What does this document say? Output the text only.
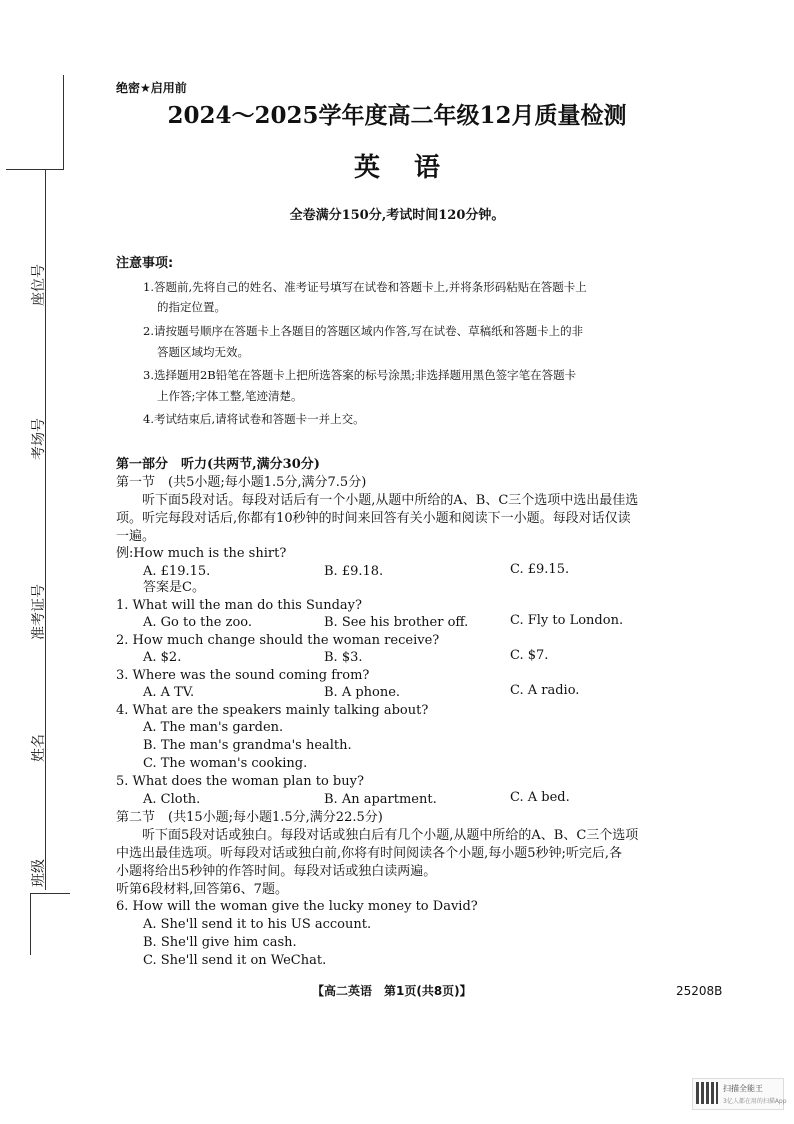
座位号
考场号
准考证号
姓名
班级
绝密★启用前
2024～2025学年度高二年级12月质量检测
英语
全卷满分150分,考试时间120分钟。
注意事项:
1.答题前,先将自己的姓名、准考证号填写在试卷和答题卡上,并将条形码粘贴在答题卡上
的指定位置。
2.请按题号顺序在答题卡上各题目的答题区域内作答,写在试卷、草稿纸和答题卡上的非
答题区域均无效。
3.选择题用2B铅笔在答题卡上把所选答案的标号涂黑;非选择题用黑色签字笔在答题卡
上作答;字体工整,笔迹清楚。
4.考试结束后,请将试卷和答题卡一并上交。
第一部分　听力(共两节,满分30分)
第一节　(共5小题;每小题1.5分,满分7.5分)
听下面5段对话。每段对话后有一个小题,从题中所给的A、B、C三个选项中选出最佳选
项。听完每段对话后,你都有10秒钟的时间来回答有关小题和阅读下一小题。每段对话仅读
一遍。
例:How much is the shirt?
A. £19.15.	B. £9.18.	C. £9.15.
答案是C。
1. What will the man do this Sunday?
A. Go to the zoo.	B. See his brother off.	C. Fly to London.
2. How much change should the woman receive?
A. $2.	B. $3.	C. $7.
3. Where was the sound coming from?
A. A TV.	B. A phone.	C. A radio.
4. What are the speakers mainly talking about?
A. The man's garden.
B. The man's grandma's health.
C. The woman's cooking.
5. What does the woman plan to buy?
A. Cloth.	B. An apartment.	C. A bed.
第二节　(共15小题;每小题1.5分,满分22.5分)
听下面5段对话或独白。每段对话或独白后有几个小题,从题中所给的A、B、C三个选项
中选出最佳选项。听每段对话或独白前,你将有时间阅读各个小题,每小题5秒钟;听完后,各
小题将给出5秒钟的作答时间。每段对话或独白读两遍。
听第6段材料,回答第6、7题。
6. How will the woman give the lucky money to David?
A. She'll send it to his US account.
B. She'll give him cash.
C. She'll send it on WeChat.
【高二英语　第1页(共8页)】	25208B
扫描全能王
3亿人都在用的扫描App
